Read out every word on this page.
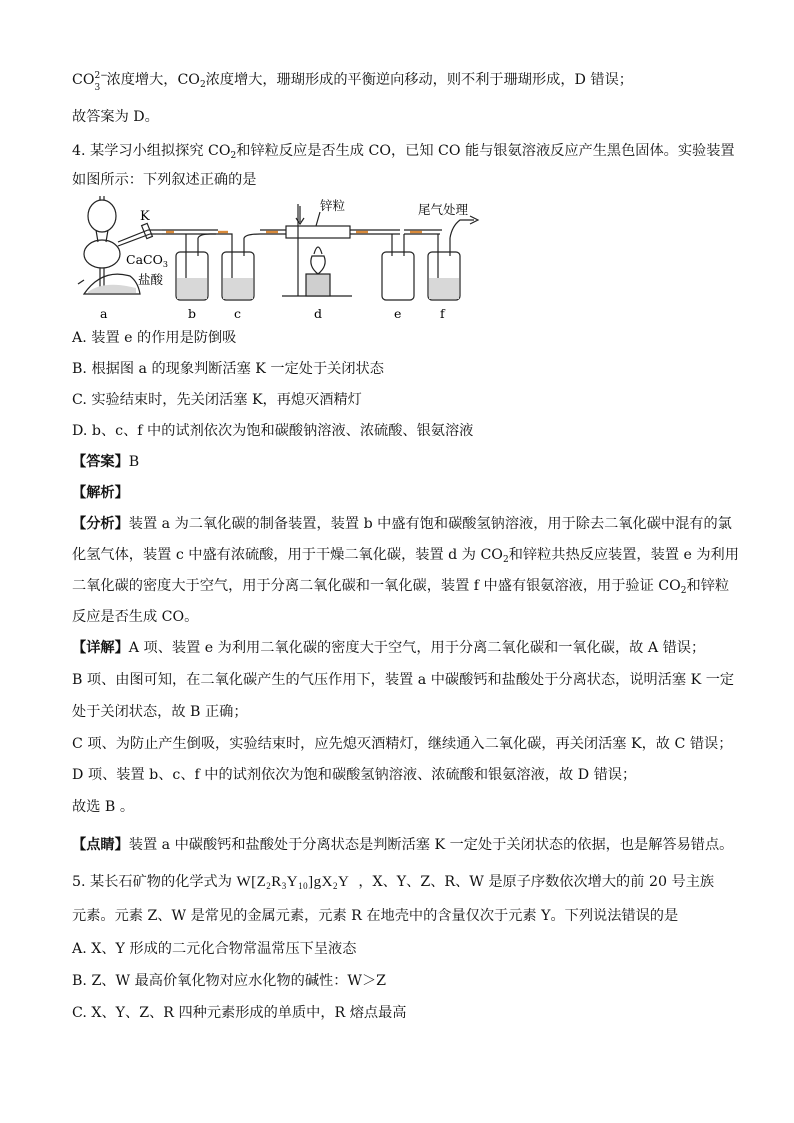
CO 2−
3 浓度增大，$CO_2$浓度增大，珊瑚形成的平衡逆向移动，则不利于珊瑚形成，D 错误；
故答案为 D。
4. 某学习小组拟探究 $CO_2$和锌粒反应是否生成 CO，已知 CO 能与银氨溶液反应产生黑色固体。实验装置
如图所示：下列叙述正确的是
K
CaCO$_3$
盐酸
锌粒	尾气处理
a	b	c	d	e	f
A. 装置 e 的作用是防倒吸
B. 根据图 a 的现象判断活塞 K 一定处于关闭状态
C. 实验结束时，先关闭活塞 K，再熄灭酒精灯
D. b、c、f 中的试剂依次为饱和碳酸钠溶液、浓硫酸、银氨溶液
【答案】B
【解析】
【分析】装置 a 为二氧化碳的制备装置，装置 b 中盛有饱和碳酸氢钠溶液，用于除去二氧化碳中混有的氯
化氢气体，装置 c 中盛有浓硫酸，用于干燥二氧化碳，装置 d 为 $CO_2$和锌粒共热反应装置，装置 e 为利用
二氧化碳的密度大于空气，用于分离二氧化碳和一氧化碳，装置 f 中盛有银氨溶液，用于验证 $CO_2$和锌粒
反应是否生成 CO。
【详解】A 项、装置 e 为利用二氧化碳的密度大于空气，用于分离二氧化碳和一氧化碳，故 A 错误；
B 项、由图可知，在二氧化碳产生的气压作用下，装置 a 中碳酸钙和盐酸处于分离状态，说明活塞 K 一定
处于关闭状态，故 B 正确；
C 项、为防止产生倒吸，实验结束时，应先熄灭酒精灯，继续通入二氧化碳，再关闭活塞 K，故 C 错误；
D 项、装置 b、c、f 中的试剂依次为饱和碳酸氢钠溶液、浓硫酸和银氨溶液，故 D 错误；
故选 B 。
【点睛】装置 a 中碳酸钙和盐酸处于分离状态是判断活塞 K 一定处于关闭状态的依据，也是解答易错点。
5. 某长石矿物的化学式为 $W[Z_2R_3Y_{10}]gX_2Y$ ，X、Y、Z、R、W 是原子序数依次增大的前 20 号主族
元素。元素 Z、W 是常见的金属元素，元素 R 在地壳中的含量仅次于元素 Y。下列说法错误的是
A. X、Y 形成的二元化合物常温常压下呈液态
B. Z、W 最高价氧化物对应水化物的碱性：W＞Z
C. X、Y、Z、R 四种元素形成的单质中，R 熔点最高
